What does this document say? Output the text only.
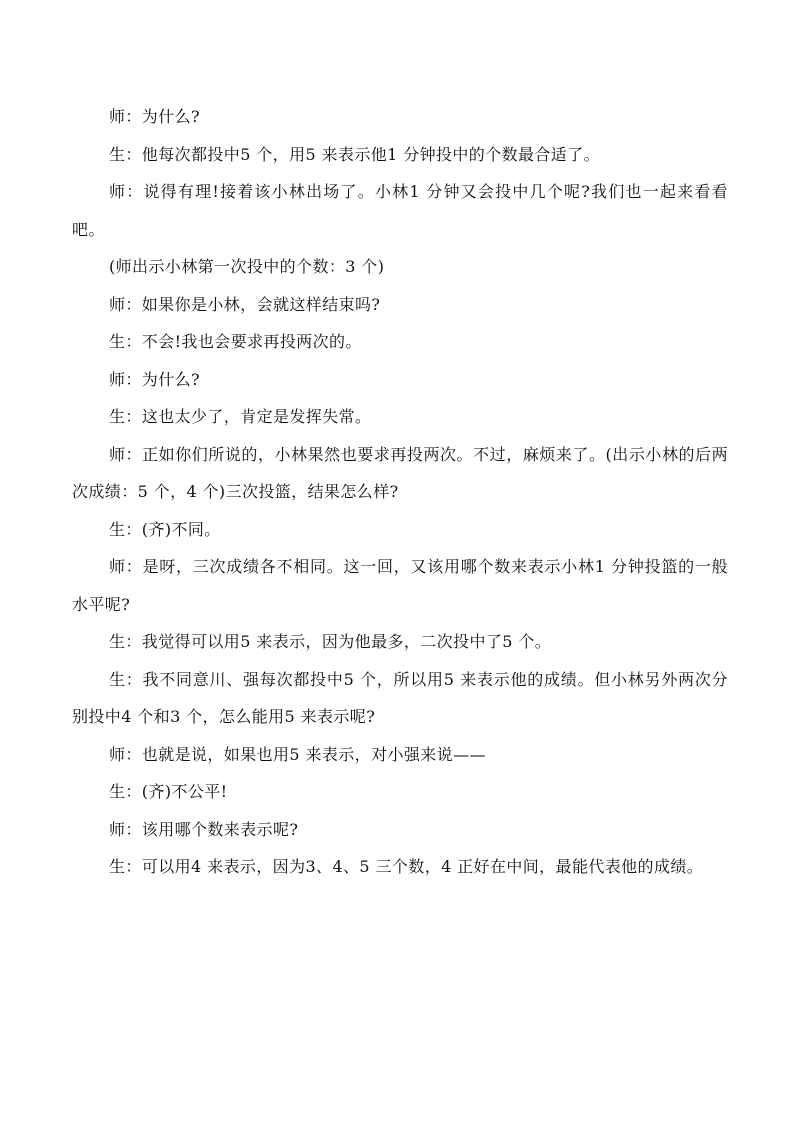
师：为什么?

生：他每次都投中5 个，用5 来表示他1 分钟投中的个数最合适了。

师：说得有理!接着该小林出场了。小林1 分钟又会投中几个呢?我们也一起来看看吧。

(师出示小林第一次投中的个数：3 个)

师：如果你是小林，会就这样结束吗?

生：不会!我也会要求再投两次的。

师：为什么?

生：这也太少了，肯定是发挥失常。

师：正如你们所说的，小林果然也要求再投两次。不过，麻烦来了。(出示小林的后两次成绩：5 个，4 个)三次投篮，结果怎么样?

生：(齐)不同。

师：是呀，三次成绩各不相同。这一回，又该用哪个数来表示小林1 分钟投篮的一般水平呢?

生：我觉得可以用5 来表示，因为他最多，二次投中了5 个。

生：我不同意川、强每次都投中5 个，所以用5 来表示他的成绩。但小林另外两次分别投中4 个和3 个，怎么能用5 来表示呢?

师：也就是说，如果也用5 来表示，对小强来说——

生：(齐)不公平!

师：该用哪个数来表示呢?

生：可以用4 来表示，因为3、4、5 三个数，4 正好在中间，最能代表他的成绩。
